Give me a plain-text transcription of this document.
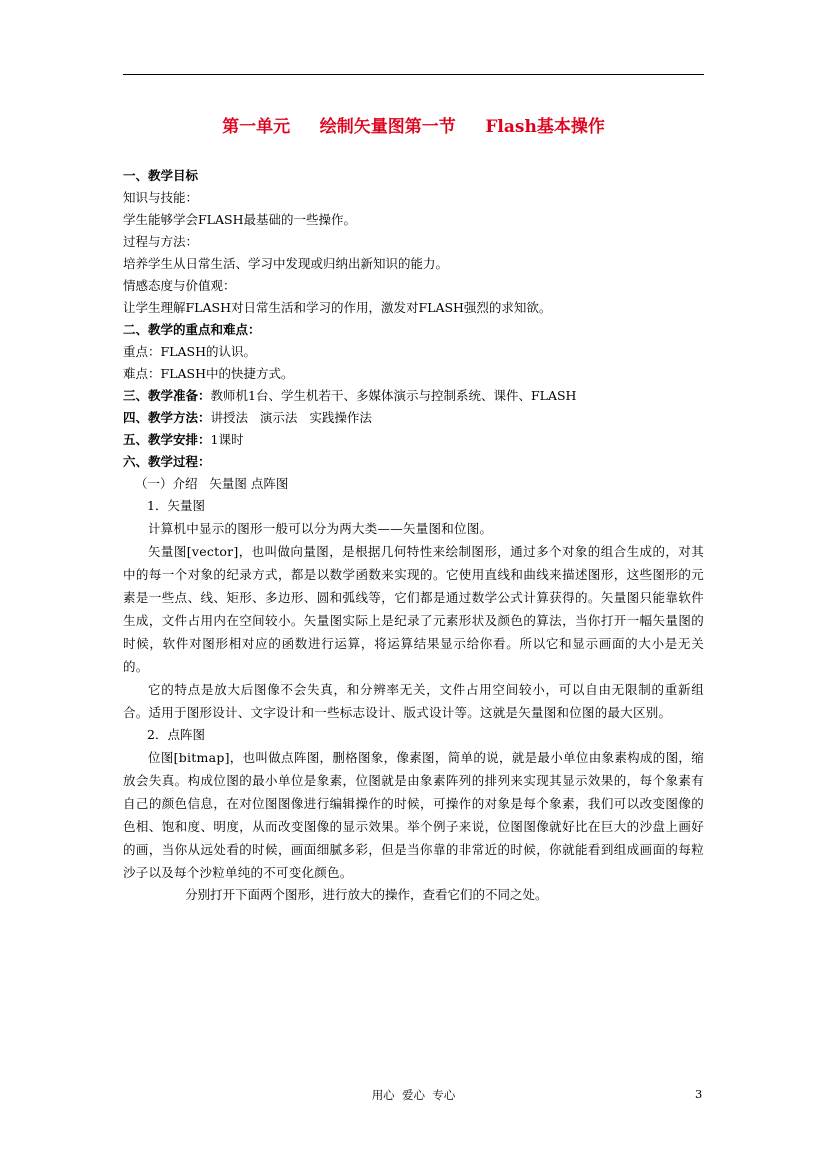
第一单元     绘制矢量图第一节     Flash基本操作
一、教学目标
知识与技能：
学生能够学会FLASH最基础的一些操作。
过程与方法：
培养学生从日常生活、学习中发现或归纳出新知识的能力。
情感态度与价值观：
让学生理解FLASH对日常生活和学习的作用，激发对FLASH强烈的求知欲。
二、教学的重点和难点：
重点：FLASH的认识。
难点：FLASH中的快捷方式。
三、教学准备：教师机1台、学生机若干、多媒体演示与控制系统、课件、FLASH
四、教学方法：讲授法   演示法   实践操作法
五、教学安排：1课时
六、教学过程：
（一）介绍   矢量图 点阵图
1．矢量图

计算机中显示的图形一般可以分为两大类——矢量图和位图。

矢量图[vector]，也叫做向量图，是根据几何特性来绘制图形，通过多个对象的组合生成的，对其中的每一个对象的纪录方式，都是以数学函数来实现的。它使用直线和曲线来描述图形，这些图形的元素是一些点、线、矩形、多边形、圆和弧线等，它们都是通过数学公式计算获得的。矢量图只能靠软件生成，文件占用内在空间较小。矢量图实际上是纪录了元素形状及颜色的算法，当你打开一幅矢量图的时候，软件对图形相对应的函数进行运算，将运算结果显示给你看。所以它和显示画面的大小是无关的。

它的特点是放大后图像不会失真，和分辨率无关，文件占用空间较小，可以自由无限制的重新组合。适用于图形设计、文字设计和一些标志设计、版式设计等。这就是矢量图和位图的最大区别。

2．点阵图

位图[bitmap]，也叫做点阵图，删格图象，像素图，简单的说，就是最小单位由象素构成的图，缩放会失真。构成位图的最小单位是象素，位图就是由象素阵列的排列来实现其显示效果的，每个象素有自己的颜色信息，在对位图图像进行编辑操作的时候，可操作的对象是每个象素，我们可以改变图像的色相、饱和度、明度，从而改变图像的显示效果。举个例子来说，位图图像就好比在巨大的沙盘上画好的画，当你从远处看的时候，画面细腻多彩，但是当你靠的非常近的时候，你就能看到组成画面的每粒沙子以及每个沙粒单纯的不可变化颜色。

分别打开下面两个图形，进行放大的操作，查看它们的不同之处。
用心  爱心  专心	3
